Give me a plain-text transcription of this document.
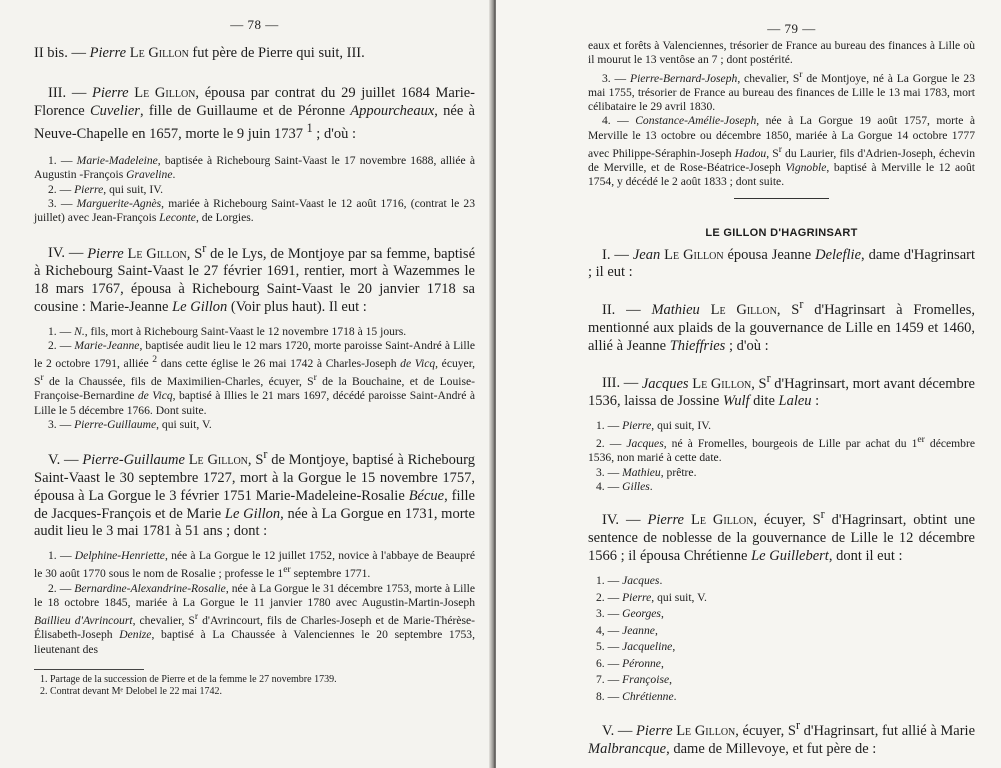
— 78 —

II bis. — Pierre Le Gillon fut père de Pierre qui suit, III.

III. — Pierre Le Gillon, épousa par contrat du 29 juillet 1684 Marie-Florence Cuvelier, fille de Guillaume et de Péronne Appourcheaux, née à Neuve-Chapelle en 1657, morte le 9 juin 1737 $^1$ ; d'où :

1. — Marie-Madeleine, baptisée à Richebourg Saint-Vaast le 17 novembre 1688, alliée à Augustin -François Graveline.

2. — Pierre, qui suit, IV.

3. — Marguerite-Agnès, mariée à Richebourg Saint-Vaast le 12 août 1716, (contrat le 23 juillet) avec Jean-François Leconte, de Lorgies.

IV. — Pierre Le Gillon, $S^r$ de le Lys, de Montjoye par sa femme, baptisé à Richebourg Saint-Vaast le 27 février 1691, rentier, mort à Wazemmes le 18 mars 1767, épousa à Richebourg Saint-Vaast le 20 janvier 1718 sa cousine : Marie-Jeanne Le Gillon (Voir plus haut). Il eut :

1. — N., fils, mort à Richebourg Saint-Vaast le 12 novembre 1718 à 15 jours.

2. — Marie-Jeanne, baptisée audit lieu le 12 mars 1720, morte paroisse Saint-André à Lille le 2 octobre 1791, alliée $^2$ dans cette église le 26 mai 1742 à Charles-Joseph de Vicq, écuyer, $S^r$ de la Chaussée, fils de Maximilien-Charles, écuyer, $S^r$ de la Bouchaine, et de Louise-Françoise-Bernardine de Vicq, baptisé à Illies le 21 mars 1697, décédé paroisse Saint-André à Lille le 5 décembre 1766. Dont suite.

3. — Pierre-Guillaume, qui suit, V.

V. — Pierre-Guillaume Le Gillon, $S^r$ de Montjoye, baptisé à Richebourg Saint-Vaast le 30 septembre 1727, mort à la Gorgue le 15 novembre 1757, épousa à La Gorgue le 3 février 1751 Marie-Madeleine-Rosalie Bécue, fille de Jacques-François et de Marie Le Gillon, née à La Gorgue en 1731, morte audit lieu le 3 mai 1781 à 51 ans ; dont :

1. — Delphine-Henriette, née à La Gorgue le 12 juillet 1752, novice à l'abbaye de Beaupré le 30 août 1770 sous le nom de Rosalie ; professe le 1er septembre 1771.

2. — Bernardine-Alexandrine-Rosalie, née à La Gorgue le 31 décembre 1753, morte à Lille le 18 octobre 1845, mariée à La Gorgue le 11 janvier 1780 avec Augustin-Martin-Joseph Baillieu d'Avrincourt, chevalier, $S^r$ d'Avrincourt, fils de Charles-Joseph et de Marie-Thérèse-Élisabeth-Joseph Denize, baptisé à La Chaussée à Valenciennes le 20 septembre 1753, lieutenant des

1. Partage de la succession de Pierre et de la femme le 27 novembre 1739.

2. Contrat devant Mᵉ Delobel le 22 mai 1742.

— 79 —

eaux et forêts à Valenciennes, trésorier de France au bureau des finances à Lille où il mourut le 13 ventôse an 7 ; dont postérité.

3. — Pierre-Bernard-Joseph, chevalier, $S^r$ de Montjoye, né à La Gorgue le 23 mai 1755, trésorier de France au bureau des finances de Lille le 13 mai 1783, mort célibataire le 29 avril 1830.

4. — Constance-Amélie-Joseph, née à La Gorgue 19 août 1757, morte à Merville le 13 octobre ou décembre 1850, mariée à La Gorgue 14 octobre 1777 avec Philippe-Séraphin-Joseph Hadou, $S^r$ du Laurier, fils d'Adrien-Joseph, échevin de Merville, et de Rose-Béatrice-Joseph Vignoble, baptisé à Merville le 12 août 1754, y décédé le 2 août 1833 ; dont suite.

LE GILLON D'HAGRINSART

I. — Jean Le Gillon épousa Jeanne Deleflie, dame d'Hagrinsart ; il eut :

II. — Mathieu Le Gillon, $S^r$ d'Hagrinsart à Fromelles, mentionné aux plaids de la gouvernance de Lille en 1459 et 1460, allié à Jeanne Thieffries ; d'où :

III. — Jacques Le Gillon, $S^r$ d'Hagrinsart, mort avant décembre 1536, laissa de Jossine Wulf dite Laleu :

1. — Pierre, qui suit, IV.

2. — Jacques, né à Fromelles, bourgeois de Lille par achat du 1er décembre 1536, non marié à cette date.

3. — Mathieu, prêtre.

4. — Gilles.

IV. — Pierre Le Gillon, écuyer, $S^r$ d'Hagrinsart, obtint une sentence de noblesse de la gouvernance de Lille le 12 décembre 1566 ; il épousa Chrétienne Le Guillebert, dont il eut :

1. — Jacques.

2. — Pierre, qui suit, V.

3. — Georges,

4, — Jeanne,

5. — Jacqueline,

6. — Péronne,

7. — Françoise,

8. — Chrétienne.

V. — Pierre Le Gillon, écuyer, $S^r$ d'Hagrinsart, fut allié à Marie Malbrancque, dame de Millevoye, et fut père de :
